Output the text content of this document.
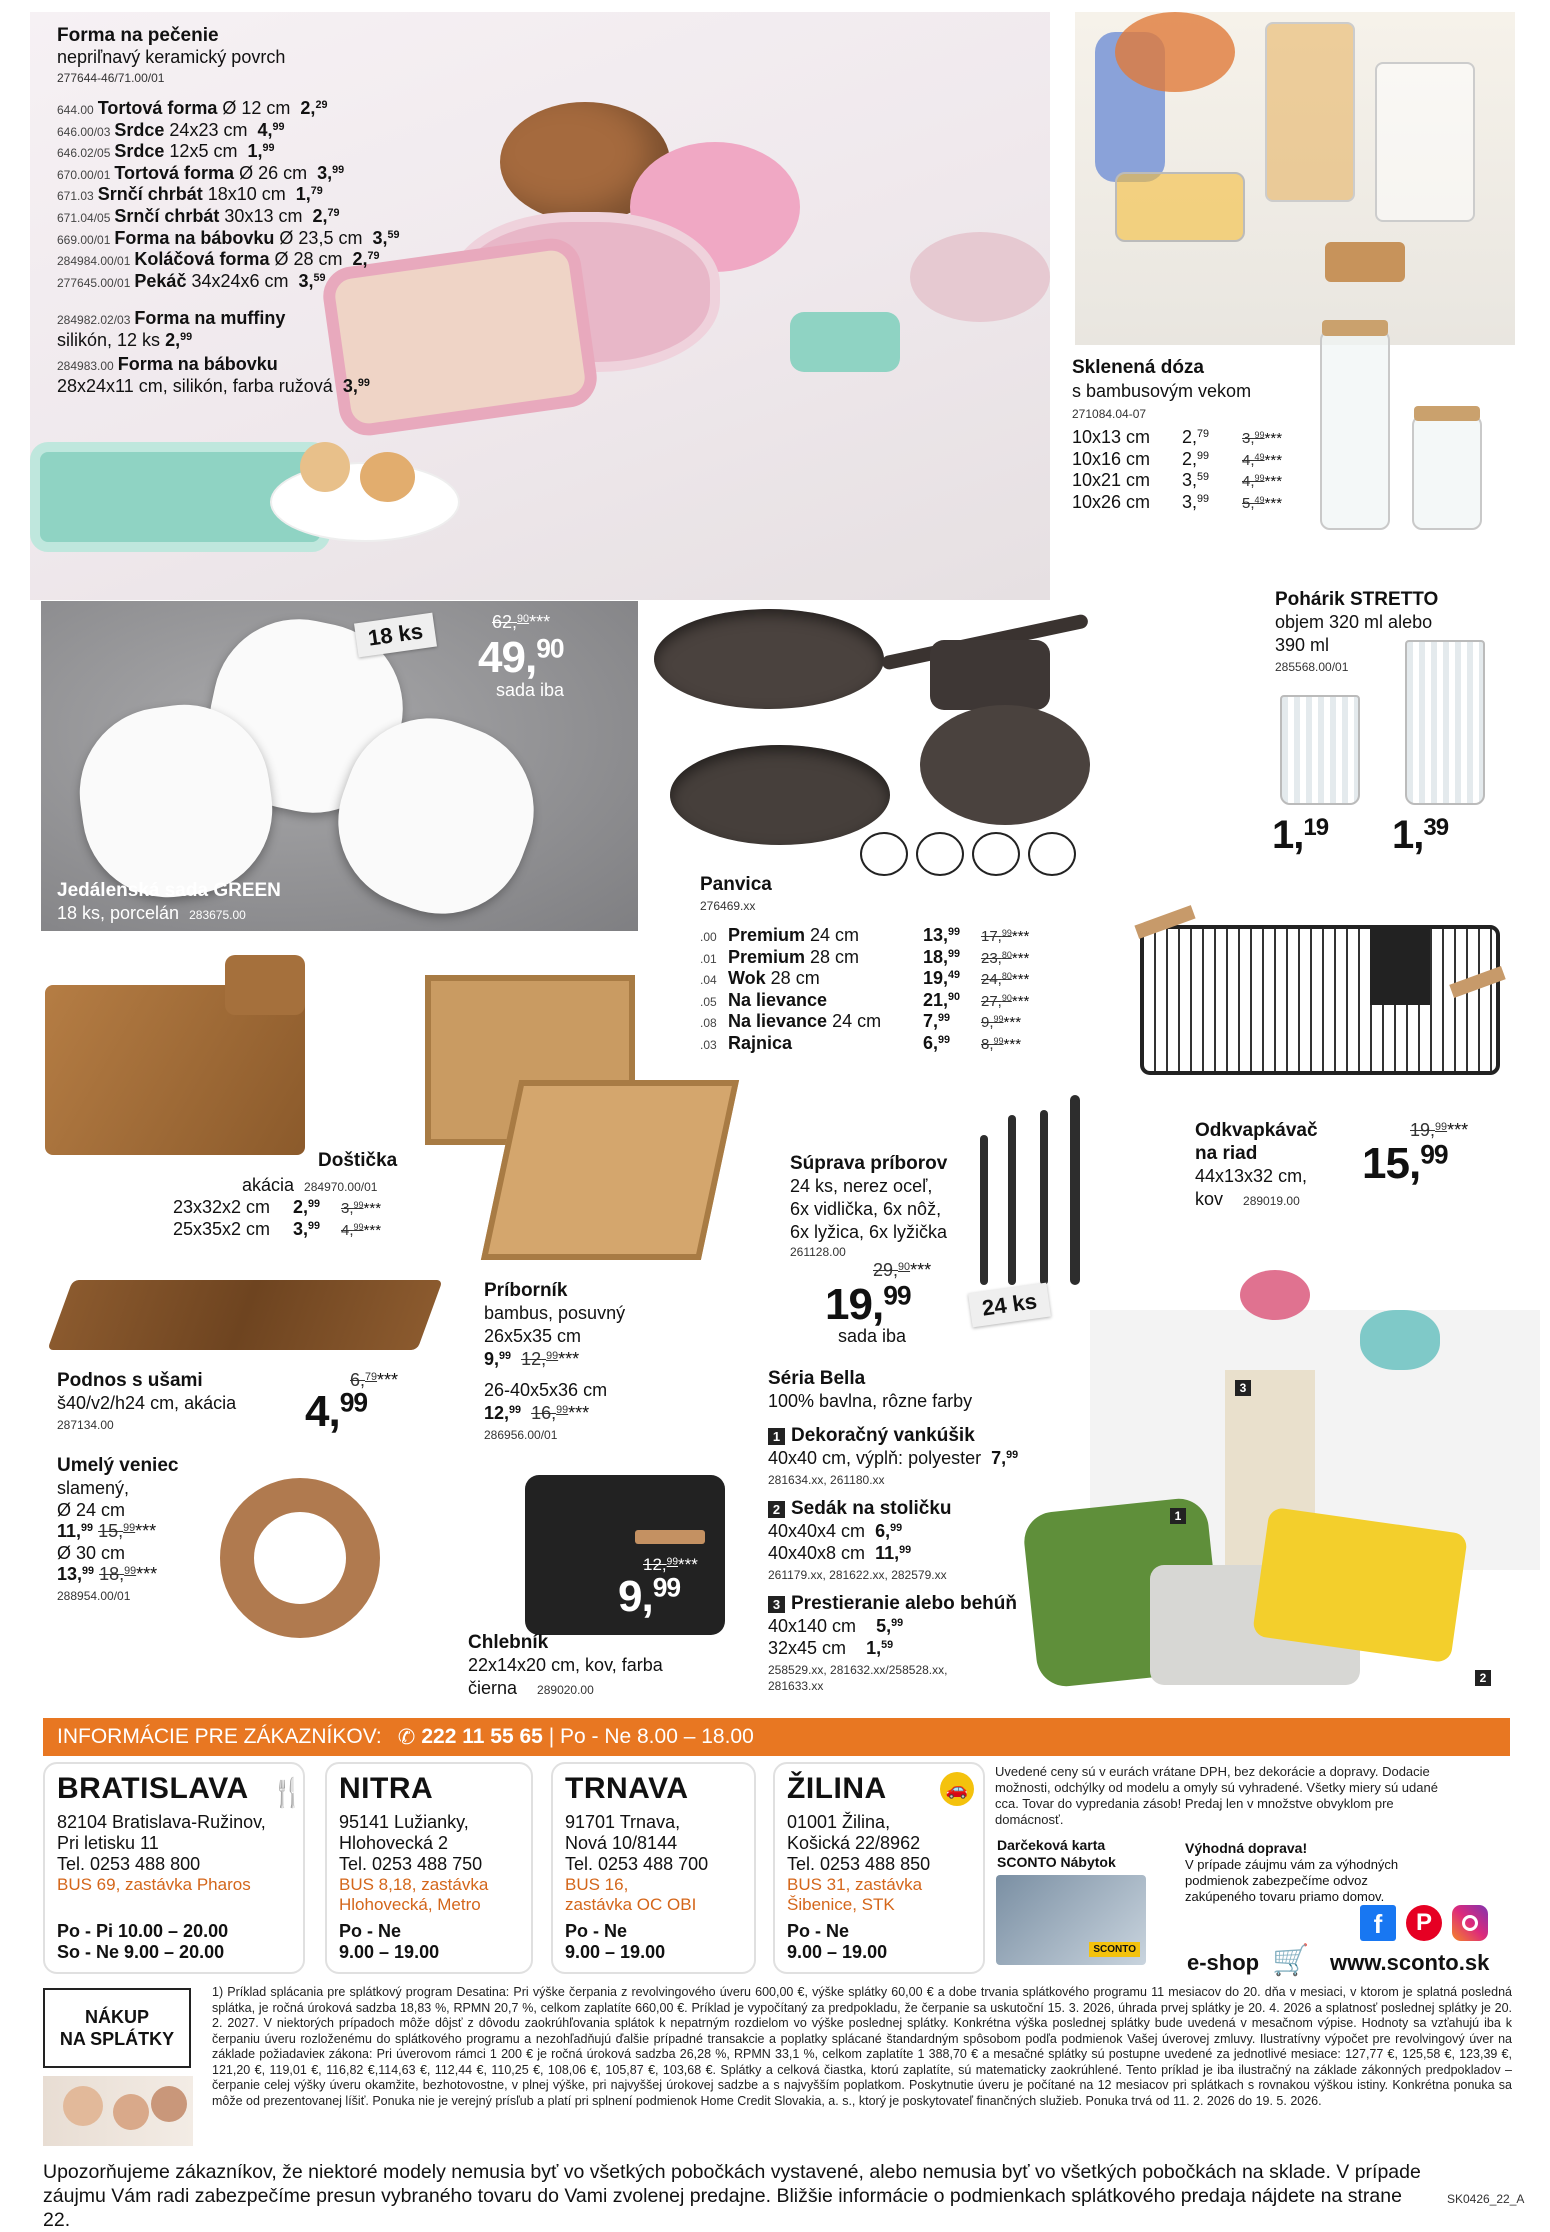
3
1
2
Forma na pečenie
nepriľnavý keramický povrch
277644-46/71.00/01
644.00 Tortová forma Ø 12 cm 2,29
646.00/03 Srdce 24x23 cm 4,99
646.02/05 Srdce 12x5 cm 1,99
670.00/01 Tortová forma Ø 26 cm 3,99
671.03 Srnčí chrbát 18x10 cm 1,79
671.04/05 Srnčí chrbát 30x13 cm 2,79
669.00/01 Forma na bábovku Ø 23,5 cm 3,59
284984.00/01 Koláčová forma Ø 28 cm 2,79
277645.00/01 Pekáč 34x24x6 cm 3,59
284982.02/03 Forma na muffiny
silikón, 12 ks
2,99
284983.00 Forma na bábovku
28x24x11 cm, silikón, farba ružová
3,99
Sklenená dóza
s bambusovým vekom
271084.04-07
10x13 cm	2,79	3,99***
10x16 cm	2,99	4,49***
10x21 cm	3,59	4,99***
10x26 cm	3,99	5,49***
18 ks	62,90***
49,90
sada iba
Jedálenská sada GREEN
18 ks, porcelán 283675.00
Panvica
276469.xx
.00 Premium 24 cm	13,99	17,99***
.01 Premium 28 cm	18,99	23,80***
.04 Wok 28 cm	19,49	24,80***
.05 Na lievance	21,90	27,90***
.08 Na lievance 24 cm	7,99	9,99***
.03 Rajnica	6,99	8,99***
Pohárik STRETTO
objem 320 ml alebo
390 ml
285568.00/01
1,19 1,39
Doštička
akácia 284970.00/01
23x32x2 cm	2,99	3,99***
25x35x2 cm	3,99	4,99***
Odkvapkávač
na riad
44x13x32 cm,
kov 289019.00
19,99***
15,99
Súprava príborov
24 ks, nerez oceľ,
6x vidlička, 6x nôž,
6x lyžica, 6x lyžička
261128.00
29,90***
19,99
sada iba
24 ks
Príborník
bambus, posuvný
26x5x35 cm
9,99 12,99***
26-40x5x36 cm
12,99 16,99***
286956.00/01
Podnos s ušami
š40/v2/h24 cm, akácia
287134.00
6,79***
4,99
Umelý veniec
slamený,
Ø 24 cm
11,99 15,99***
Ø 30 cm
13,99 18,99***
288954.00/01
12,99***
9,99
Chlebník
22x14x20 cm, kov, farba
čierna 289020.00
Séria Bella
100% bavlna, rôzne farby
1 Dekoračný vankúšik
40x40 cm, výplň: polyester 7,99
281634.xx, 261180.xx
2 Sedák na stoličku
40x40x4 cm 6,99
40x40x8 cm 11,99
261179.xx, 281622.xx, 282579.xx
3 Prestieranie alebo behúň
40x140 cm 5,99
32x45 cm 1,59
258529.xx, 281632.xx/258528.xx,
281633.xx
INFORMÁCIE PRE ZÁKAZNÍKOV: ✆ 222 11 55 65
| Po - Ne 8.00 – 18.00
BRATISLAVA 🍴
82104 Bratislava-Ružinov,
Pri letisku 11
Tel. 0253 488 800
BUS 69, zastávka Pharos
Po - Pi 10.00 – 20.00
So - Ne 9.00 – 20.00
NITRA
95141 Lužianky,
Hlohovecká 2
Tel. 0253 488 750
BUS 8,18, zastávka
Hlohovecká, Metro
Po - Ne
9.00 – 19.00
TRNAVA
91701 Trnava,
Nová 10/8144
Tel. 0253 488 700
BUS 16,
zastávka OC OBI
Po - Ne
9.00 – 19.00
ŽILINA	🚗
01001 Žilina,
Košická 22/8962
Tel. 0253 488 850
BUS 31, zastávka
Šibenice, STK
Po - Ne
9.00 – 19.00
Uvedené ceny sú v eurách vrátane DPH, bez dekorácie a dopravy. Dodacie možnosti, odchýlky od modelu a omyly sú vyhradené. Všetky miery sú udané cca. Tovar do vypredania zásob! Predaj len v množstve obvyklom pre domácnosť.
Darčeková karta
SCONTO Nábytok
SCONTO
Výhodná doprava!
V prípade záujmu vám za výhodných podmienok zabezpečíme odvoz zakúpeného tovaru priamo domov.
f	P
e-shop 🛒 www.sconto.sk
NÁKUP
NA SPLÁTKY
1) Príklad splácania pre splátkový program Desatina: Pri výške čerpania z revolvingového úveru 600,00 €, výške splátky 60,00 € a dobe trvania splátkového programu 11 mesiacov do 20. dňa v mesiaci, v ktorom je splatná posledná splátka, je ročná úroková sadzba 18,83 %, RPMN 20,7 %, celkom zaplatíte 660,00 €. Príklad je vypočítaný za predpokladu, že čerpanie sa uskutoční 15. 3. 2026, úhrada prvej splátky je 20. 4. 2026 a splatnosť poslednej splátky je 20. 2. 2027. V niektorých prípadoch môže dôjsť z dôvodu zaokrúhľovania splátok k nepatrným rozdielom vo výške poslednej splátky. Konkrétna výška poslednej splátky bude uvedená v mesačnom výpise. Hodnoty sa vzťahujú iba k čerpaniu úveru rozloženému do splátkového programu a nezohľadňujú ďalšie prípadné transakcie a poplatky splácané štandardným spôsobom podľa podmienok Vašej úverovej zmluvy. Ilustratívny výpočet pre revolvingový úver na základe požiadavieк zákona: Pri úverovom rámci 1 200 € je ročná úroková sadzba 26,28 %, RPMN 33,1 %, celkom zaplatíte 1 388,70 € a mesačné splátky sú postupne uvedené za jednotlivé mesiace: 127,77 €, 125,58 €, 123,39 €, 121,20 €, 119,01 €, 116,82 €,114,63 €, 112,44 €, 110,25 €, 108,06 €, 105,87 €, 103,68 €. Splátky a celková čiastka, ktorú zaplatíte, sú matematicky zaokrúhlené. Tento príklad je iba ilustračný na základe zákonných predpokladov – čerpanie celej výšky úveru okamžite, bezhotovostne, v plnej výške, pri najvyššej úrokovej sadzbe a s najvyšším poplatkom. Poskytnutie úveru je počítané na 12 mesiacov pri splátkach s rovnakou výškou istiny. Konkrétna ponuka sa môže od prezentovanej líšiť. Ponuka nie je verejný prísľub a platí pri splnení podmienok Home Credit Slovakia, a. s., ktorý je poskytovateľ finančných služieb. Ponuka trvá od 11. 2. 2026 do 19. 5. 2026.
Upozorňujeme zákazníkov, že niektoré modely nemusia byť vo všetkých pobočkách vystavené, alebo nemusia byť vo všetkých pobočkách na sklade. V prípade záujmu Vám radi zabezpečíme presun vybraného tovaru do Vami zvolenej predajne. Bližšie informácie o podmienkach splátkového predaja nájdete na strane 22.
SK0426_22_A
